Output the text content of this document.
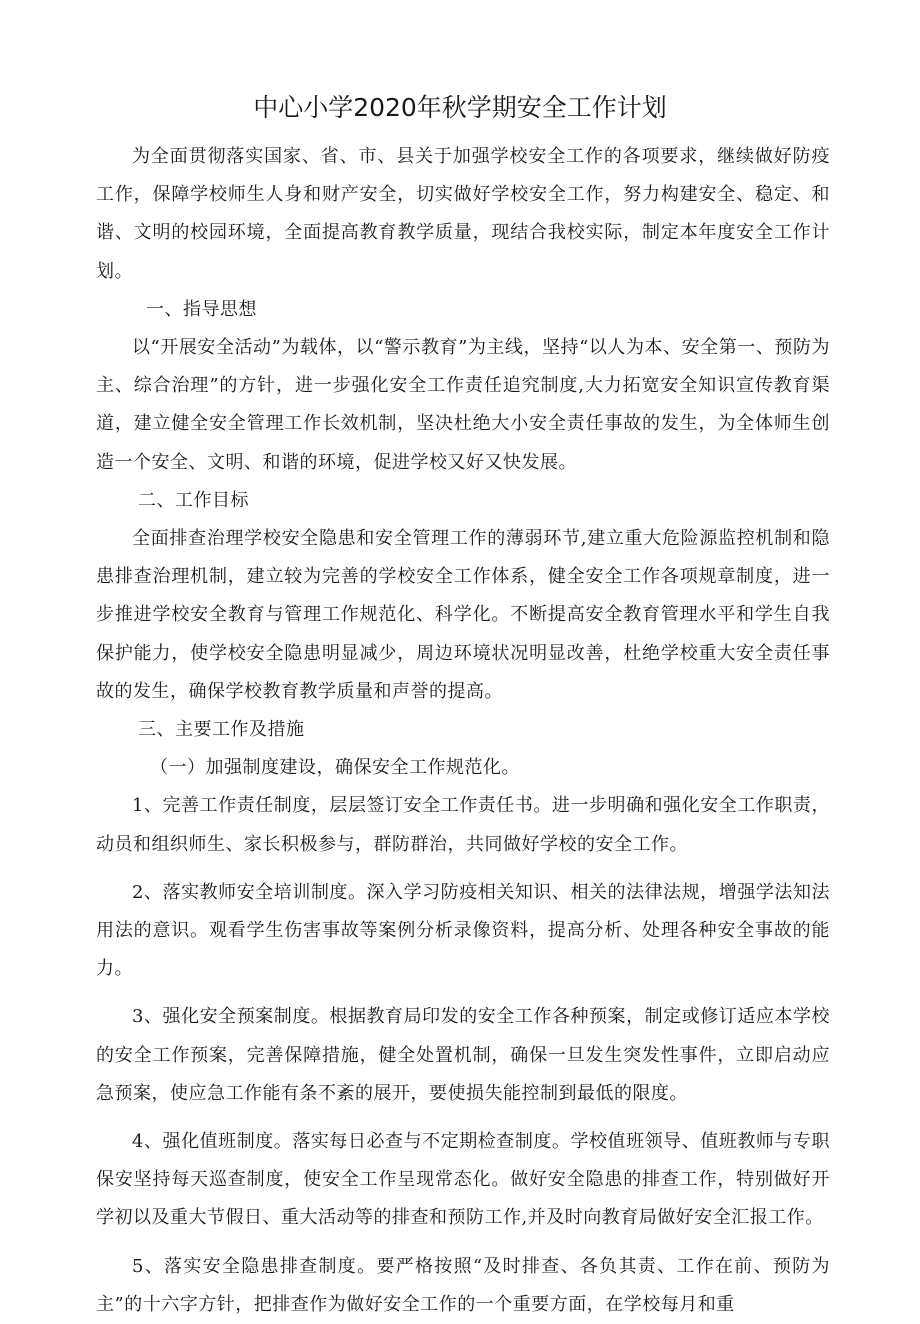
中心小学2020年秋学期安全工作计划

为全面贯彻落实国家、省、市、县关于加强学校安全工作的各项要求，继续做好防疫工作，保障学校师生人身和财产安全，切实做好学校安全工作，努力构建安全、稳定、和谐、文明的校园环境，全面提高教育教学质量，现结合我校实际，制定本年度安全工作计划。

一、指导思想

以“开展安全活动”为载体，以“警示教育”为主线，坚持“以人为本、安全第一、预防为主、综合治理”的方针，进一步强化安全工作责任追究制度,大力拓宽安全知识宣传教育渠道，建立健全安全管理工作长效机制，坚决杜绝大小安全责任事故的发生，为全体师生创造一个安全、文明、和谐的环境，促进学校又好又快发展。

二、工作目标

全面排查治理学校安全隐患和安全管理工作的薄弱环节,建立重大危险源监控机制和隐患排查治理机制，建立较为完善的学校安全工作体系，健全安全工作各项规章制度，进一步推进学校安全教育与管理工作规范化、科学化。不断提高安全教育管理水平和学生自我保护能力，使学校安全隐患明显减少，周边环境状况明显改善，杜绝学校重大安全责任事故的发生，确保学校教育教学质量和声誉的提高。

三、主要工作及措施
（一）加强制度建设，确保安全工作规范化。

1、完善工作责任制度，层层签订安全工作责任书。进一步明确和强化安全工作职责，动员和组织师生、家长积极参与，群防群治，共同做好学校的安全工作。

2、落实教师安全培训制度。深入学习防疫相关知识、相关的法律法规，增强学法知法用法的意识。观看学生伤害事故等案例分析录像资料，提高分析、处理各种安全事故的能力。

3、强化安全预案制度。根据教育局印发的安全工作各种预案，制定或修订适应本学校的安全工作预案，完善保障措施，健全处置机制，确保一旦发生突发性事件，立即启动应急预案，使应急工作能有条不紊的展开，要使损失能控制到最低的限度。

4、强化值班制度。落实每日必查与不定期检查制度。学校值班领导、值班教师与专职保安坚持每天巡查制度，使安全工作呈现常态化。做好安全隐患的排查工作，特别做好开学初以及重大节假日、重大活动等的排查和预防工作,并及时向教育局做好安全汇报工作。

5、落实安全隐患排查制度。要严格按照“及时排查、各负其责、工作在前、预防为主”的十六字方针，把排查作为做好安全工作的一个重要方面，在学校每月和重
